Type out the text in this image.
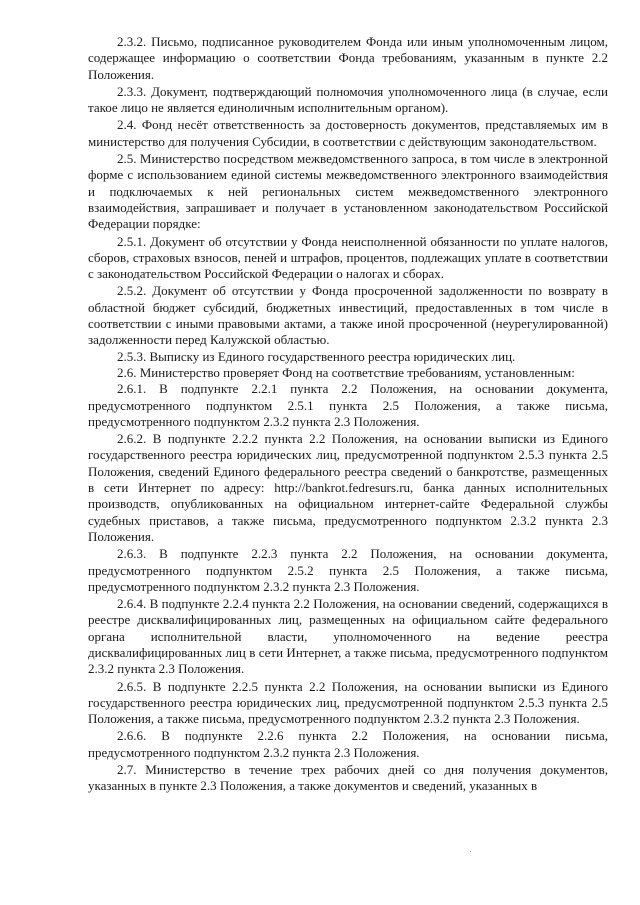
2.3.2. Письмо, подписанное руководителем Фонда или иным уполномоченным лицом, содержащее информацию о соответствии Фонда требованиям, указанным в пункте 2.2 Положения.

2.3.3. Документ, подтверждающий полномочия уполномоченного лица (в случае, если такое лицо не является единоличным исполнительным органом).

2.4. Фонд несёт ответственность за достоверность документов, представляемых им в министерство для получения Субсидии, в соответствии с действующим законодательством.

2.5. Министерство посредством межведомственного запроса, в том числе в электронной форме с использованием единой системы межведомственного электронного взаимодействия и подключаемых к ней региональных систем межведомственного электронного взаимодействия, запрашивает и получает в установленном законодательством Российской Федерации порядке:

2.5.1. Документ об отсутствии у Фонда неисполненной обязанности по уплате налогов, сборов, страховых взносов, пеней и штрафов, процентов, подлежащих уплате в соответствии с законодательством Российской Федерации о налогах и сборах.

2.5.2. Документ об отсутствии у Фонда просроченной задолженности по возврату в областной бюджет субсидий, бюджетных инвестиций, предоставленных в том числе в соответствии с иными правовыми актами, а также иной просроченной (неурегулированной) задолженности перед Калужской областью.

2.5.3. Выписку из Единого государственного реестра юридических лиц.

2.6. Министерство проверяет Фонд на соответствие требованиям, установленным:

2.6.1. В подпункте 2.2.1 пункта 2.2 Положения, на основании документа, предусмотренного подпунктом 2.5.1 пункта 2.5 Положения, а также письма, предусмотренного подпунктом 2.3.2 пункта 2.3 Положения.

2.6.2. В подпункте 2.2.2 пункта 2.2 Положения, на основании выписки из Единого государственного реестра юридических лиц, предусмотренной подпунктом 2.5.3 пункта 2.5 Положения, сведений Единого федерального реестра сведений о банкротстве, размещенных в сети Интернет по адресу: http://bankrot.fedresurs.ru, банка данных исполнительных производств, опубликованных на официальном интернет-сайте Федеральной службы судебных приставов, а также письма, предусмотренного подпунктом 2.3.2 пункта 2.3 Положения.

2.6.3. В подпункте 2.2.3 пункта 2.2 Положения, на основании документа, предусмотренного подпунктом 2.5.2 пункта 2.5 Положения, а также письма, предусмотренного подпунктом 2.3.2 пункта 2.3 Положения.

2.6.4. В подпункте 2.2.4 пункта 2.2 Положения, на основании сведений, содержащихся в реестре дисквалифицированных лиц, размещенных на официальном сайте федерального органа исполнительной власти, уполномоченного на ведение реестра дисквалифицированных лиц в сети Интернет, а также письма, предусмотренного подпунктом 2.3.2 пункта 2.3 Положения.

2.6.5. В подпункте 2.2.5 пункта 2.2 Положения, на основании выписки из Единого государственного реестра юридических лиц, предусмотренной подпунктом 2.5.3 пункта 2.5 Положения, а также письма, предусмотренного подпунктом 2.3.2 пункта 2.3 Положения.

2.6.6. В подпункте 2.2.6 пункта 2.2 Положения, на основании письма, предусмотренного подпунктом 2.3.2 пункта 2.3 Положения.

2.7. Министерство в течение трех рабочих дней со дня получения документов, указанных в пункте 2.3 Положения, а также документов и сведений, указанных в
